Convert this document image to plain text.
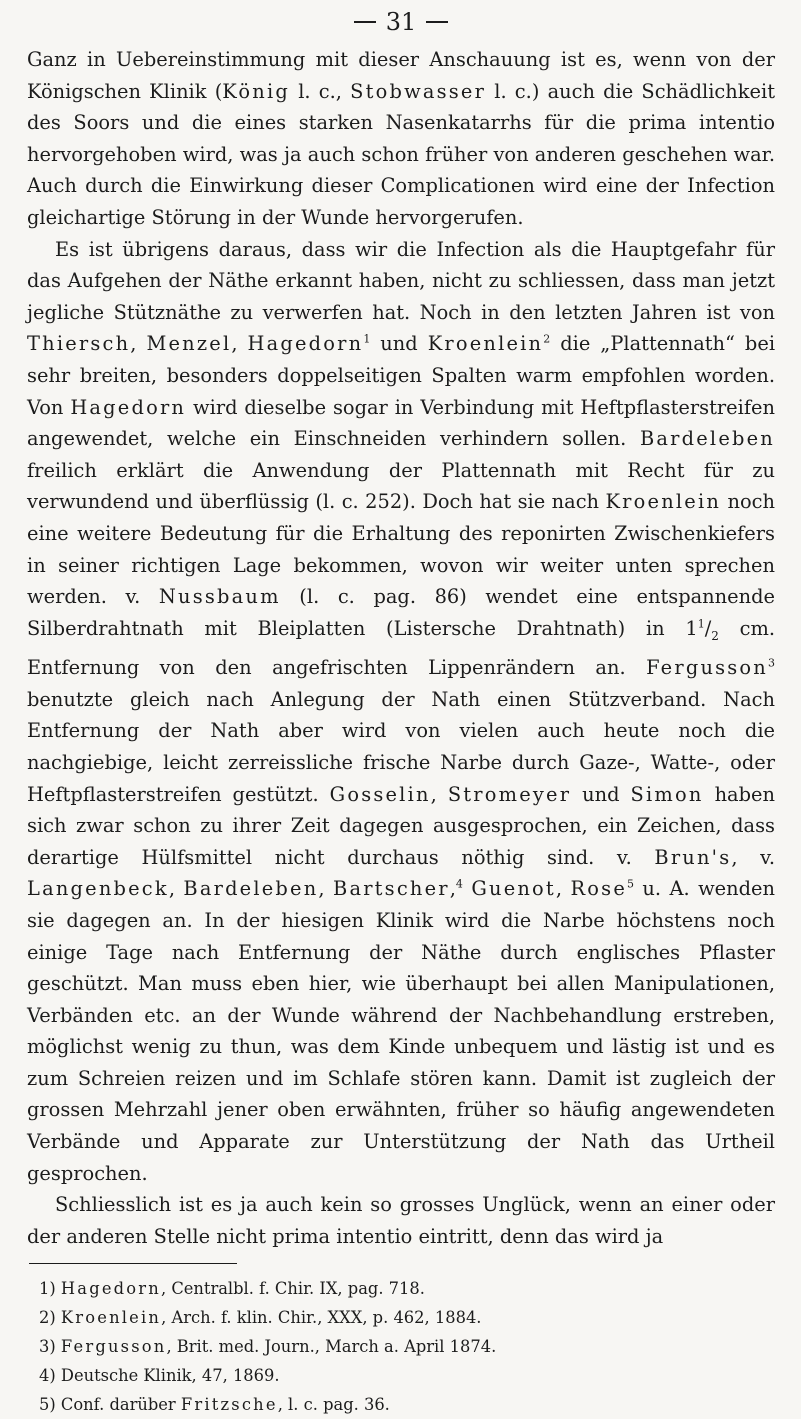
31

Ganz in Uebereinstimmung mit dieser Anschauung ist es, wenn von der Königschen Klinik (König l. c., Stobwasser l. c.) auch die Schädlichkeit des Soors und die eines starken Nasenkatarrhs für die prima intentio hervorgehoben wird, was ja auch schon früher von anderen geschehen war. Auch durch die Einwirkung dieser Complicationen wird eine der Infection gleichartige Störung in der Wunde hervorgerufen.

Es ist übrigens daraus, dass wir die Infection als die Hauptgefahr für das Aufgehen der Näthe erkannt haben, nicht zu schliessen, dass man jetzt jegliche Stütznäthe zu verwerfen hat. Noch in den letzten Jahren ist von Thiersch, Menzel, Hagedorn$^1$ und Kroenlein$^2$ die „Plattennath“ bei sehr breiten, besonders doppelseitigen Spalten warm empfohlen worden. Von Hagedorn wird dieselbe sogar in Verbindung mit Heftpflasterstreifen angewendet, welche ein Einschneiden verhindern sollen. Bardeleben freilich erklärt die Anwendung der Plattennath mit Recht für zu verwundend und überflüssig (l. c. 252). Doch hat sie nach Kroenlein noch eine weitere Bedeutung für die Erhaltung des reponirten Zwischenkiefers in seiner richtigen Lage bekommen, wovon wir weiter unten sprechen werden. v. Nussbaum (l. c. pag. 86) wendet eine entspannende Silberdrahtnath mit Bleiplatten (Listersche Drahtnath) in $1^1/_2$ cm. Entfernung von den angefrischten Lippenrändern an. Fergusson$^3$ benutzte gleich nach Anlegung der Nath einen Stützverband. Nach Entfernung der Nath aber wird von vielen auch heute noch die nachgiebige, leicht zerreissliche frische Narbe durch Gaze-, Watte-, oder Heftpflasterstreifen gestützt. Gosselin, Stromeyer und Simon haben sich zwar schon zu ihrer Zeit dagegen ausgesprochen, ein Zeichen, dass derartige Hülfsmittel nicht durchaus nöthig sind. v. Brun's, v. Langenbeck, Bardeleben, Bartscher,$^4$ Guenot, Rose$^5$ u. A. wenden sie dagegen an. In der hiesigen Klinik wird die Narbe höchstens noch einige Tage nach Entfernung der Näthe durch englisches Pflaster geschützt. Man muss eben hier, wie überhaupt bei allen Manipulationen, Verbänden etc. an der Wunde während der Nachbehandlung erstreben, möglichst wenig zu thun, was dem Kinde unbequem und lästig ist und es zum Schreien reizen und im Schlafe stören kann. Damit ist zugleich der grossen Mehrzahl jener oben erwähnten, früher so häufig angewendeten Verbände und Apparate zur Unterstützung der Nath das Urtheil gesprochen.

Schliesslich ist es ja auch kein so grosses Unglück, wenn an einer oder der anderen Stelle nicht prima intentio eintritt, denn das wird ja

1) Hagedorn, Centralbl. f. Chir. IX, pag. 718.
2) Kroenlein, Arch. f. klin. Chir., XXX, p. 462, 1884.
3) Fergusson, Brit. med. Journ., March a. April 1874.
4) Deutsche Klinik, 47, 1869.
5) Conf. darüber Fritzsche, l. c. pag. 36.
